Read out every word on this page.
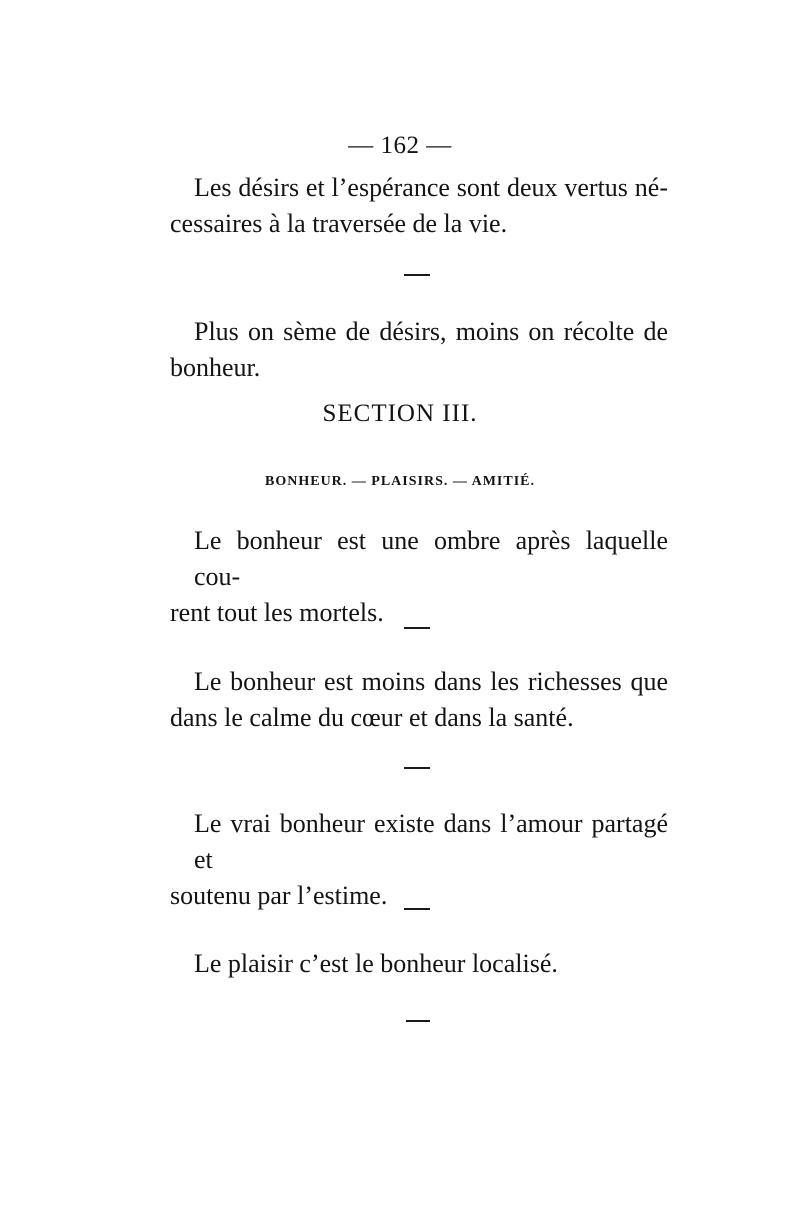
— 162 —
Les désirs et l’espérance sont deux vertus né-
cessaires à la traversée de la vie.
Plus on sème de désirs, moins on récolte de
bonheur.
SECTION III.
BONHEUR. — PLAISIRS. — AMITIÉ.
Le bonheur est une ombre après laquelle cou-
rent tout les mortels.
Le bonheur est moins dans les richesses que
dans le calme du cœur et dans la santé.
Le vrai bonheur existe dans l’amour partagé et
soutenu par l’estime.
Le plaisir c’est le bonheur localisé.
